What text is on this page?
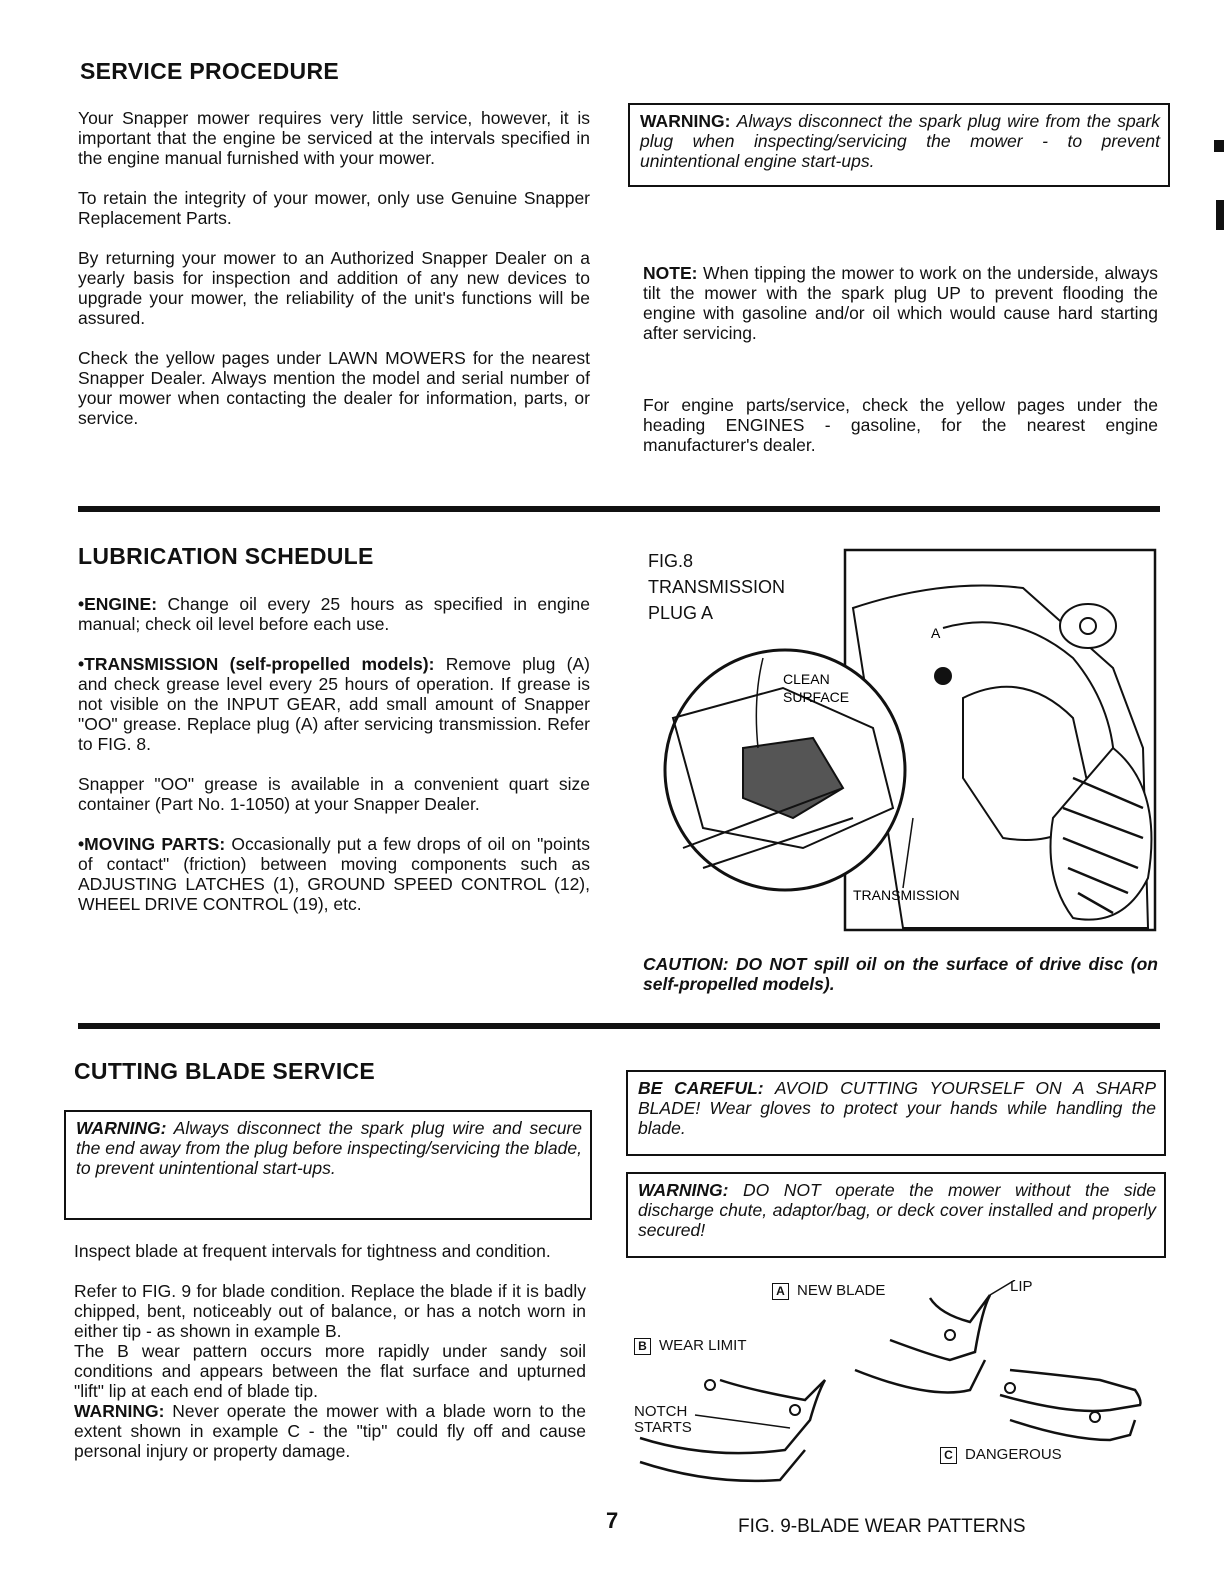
SERVICE PROCEDURE

Your Snapper mower requires very little service, however, it is important that the engine be serviced at the intervals specified in the engine manual furnished with your mower.

To retain the integrity of your mower, only use Genuine Snapper Replacement Parts.

By returning your mower to an Authorized Snapper Dealer on a yearly basis for inspection and addition of any new devices to upgrade your mower, the reliability of the unit's functions will be assured.

Check the yellow pages under LAWN MOWERS for the nearest Snapper Dealer. Always mention the model and serial number of your mower when contacting the dealer for information, parts, or service.

WARNING: Always disconnect the spark plug wire from the spark plug when inspecting/servicing the mower - to prevent unintentional engine start-ups.

NOTE: When tipping the mower to work on the underside, always tilt the mower with the spark plug UP to prevent flooding the engine with gasoline and/or oil which would cause hard starting after servicing.

For engine parts/service, check the yellow pages under the heading ENGINES - gasoline, for the nearest engine manufacturer's dealer.

LUBRICATION SCHEDULE

•ENGINE: Change oil every 25 hours as specified in engine manual; check oil level before each use.

•TRANSMISSION (self-propelled models): Remove plug (A) and check grease level every 25 hours of operation. If grease is not visible on the INPUT GEAR, add small amount of Snapper "OO" grease. Replace plug (A) after servicing transmission. Refer to FIG. 8.

Snapper "OO" grease is available in a convenient quart size container (Part No. 1-1050) at your Snapper Dealer.

•MOVING PARTS: Occasionally put a few drops of oil on "points of contact" (friction) between moving components such as ADJUSTING LATCHES (1), GROUND SPEED CONTROL (12), WHEEL DRIVE CONTROL (19), etc.

FIG.8
TRANSMISSION
PLUG A
A
CLEAN
SURFACE
TRANSMISSION

CAUTION: DO NOT spill oil on the surface of drive disc (on self-propelled models).

CUTTING BLADE SERVICE

WARNING: Always disconnect the spark plug wire and secure the end away from the plug before inspecting/servicing the blade, to prevent unintentional start-ups.

Inspect blade at frequent intervals for tightness and condition.

Refer to FIG. 9 for blade condition. Replace the blade if it is badly chipped, bent, noticeably out of balance, or has a notch worn in either tip - as shown in example B.

The B wear pattern occurs more rapidly under sandy soil conditions and appears between the flat surface and upturned "lift" lip at each end of blade tip.

WARNING: Never operate the mower with a blade worn to the extent shown in example C - the "tip" could fly off and cause personal injury or property damage.

7

BE CAREFUL: AVOID CUTTING YOURSELF ON A SHARP BLADE! Wear gloves to protect your hands while handling the blade.

WARNING: DO NOT operate the mower without the side discharge chute, adaptor/bag, or deck cover installed and properly secured!

A NEW BLADE	LIP
B WEAR LIMIT
NOTCH
STARTS
C DANGEROUS
FIG. 9-BLADE WEAR PATTERNS
